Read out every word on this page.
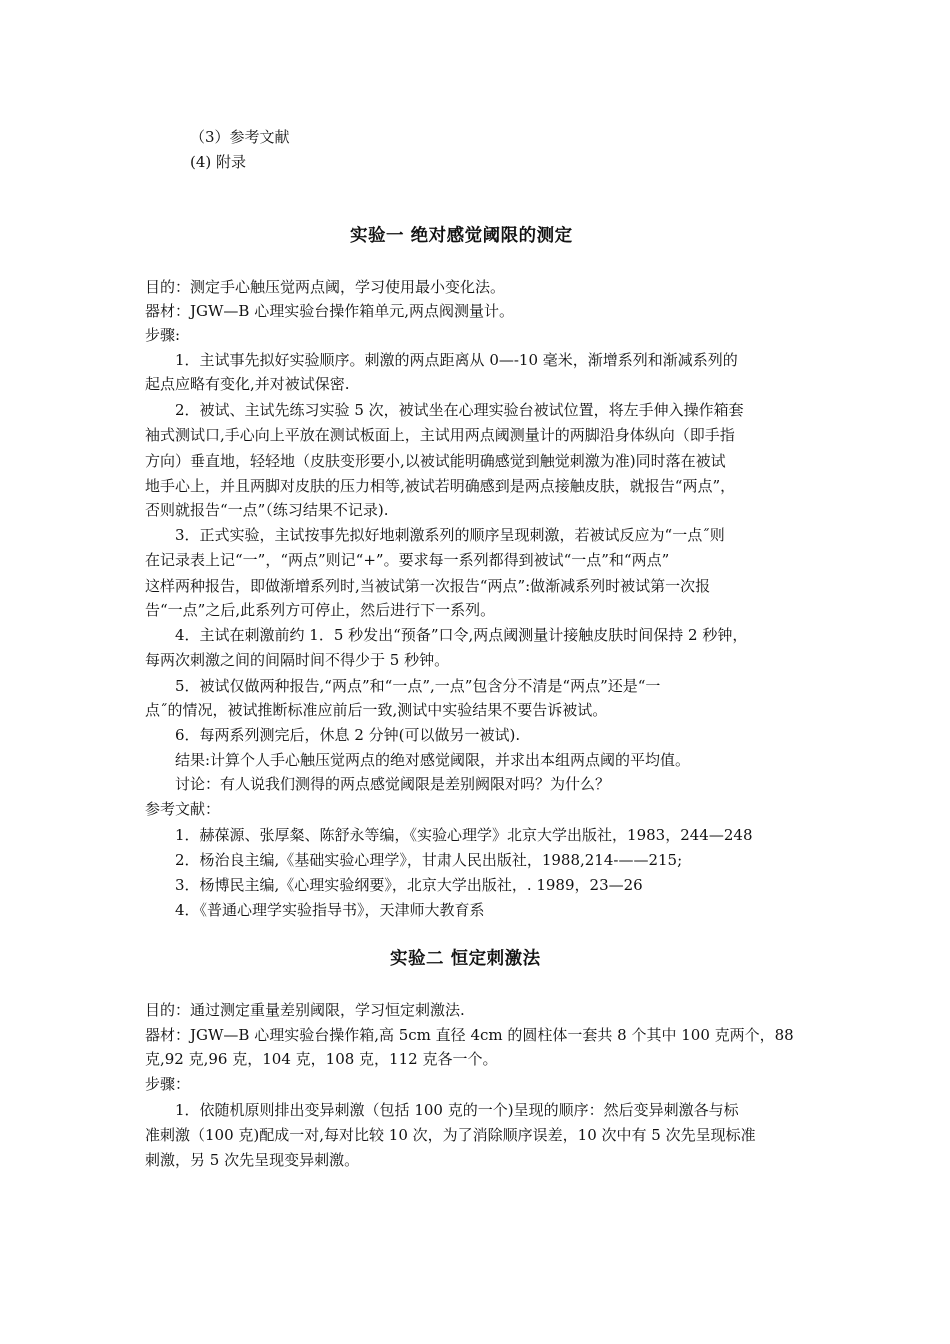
（3）参考文献

(4) 附录

实验一 绝对感觉阈限的测定

目的：测定手心触压觉两点阈，学习使用最小变化法。

器材：JGW—B 心理实验台操作箱单元,两点阀测量计。

步骤:

1．主试事先拟好实验顺序。刺激的两点距离从 0—-10 毫米，渐增系列和渐减系列的

起点应略有变化,并对被试保密.

2．被试、主试先练习实验 5 次，被试坐在心理实验台被试位置，将左手伸入操作箱套

袖式测试口,手心向上平放在测试板面上，主试用两点阈测量计的两脚沿身体纵向（即手指

方向）垂直地，轻轻地（皮肤变形要小,以被试能明确感觉到触觉刺激为准)同时落在被试

地手心上，并且两脚对皮肤的压力相等,被试若明确感到是两点接触皮肤，就报告“两点”，

否则就报告“一点”（练习结果不记录).

3．正式实验，主试按事先拟好地刺激系列的顺序呈现刺激，若被试反应为“一点˝则

在记录表上记“一”，“两点”则记“+”。要求每一系列都得到被试“一点”和“两点”

这样两种报告，即做渐增系列时,当被试第一次报告“两点”:做渐减系列时被试第一次报

告“一点”之后,此系列方可停止，然后进行下一系列。

4．主试在刺激前约 1．5 秒发出“预备”口令,两点阈测量计接触皮肤时间保持 2 秒钟，

每两次刺激之间的间隔时间不得少于 5 秒钟。

5．被试仅做两种报告,“两点”和“一点”,一点”包含分不清是“两点”还是“一

点˝的情况，被试推断标准应前后一致,测试中实验结果不要告诉被试。

6．每两系列测完后，休息 2 分钟(可以做另一被试).

结果:计算个人手心触压觉两点的绝对感觉阈限，并求出本组两点阈的平均值。

讨论：有人说我们测得的两点感觉阈限是差别阙限对吗？为什么？

参考文献：

1．赫葆源、张厚粲、陈舒永等编，《实验心理学》北京大学出版社，1983，244—248

2．杨治良主编,《基础实验心理学》，甘肃人民出版社，1988,214-——215;

3．杨博民主编,《心理实验纲要》，北京大学出版社，. 1989，23—26

4．《普通心理学实验指导书》，天津师大教育系

实验二 恒定刺激法

目的：通过测定重量差别阈限，学习恒定刺激法.

器材：JGW—B 心理实验台操作箱,高 5cm 直径 4cm 的圆柱体一套共 8 个其中 100 克两个，88

克,92 克,96 克，104 克，108 克，112 克各一个。

步骤：

1．依随机原则排出变异刺激（包括 100 克的一个)呈现的顺序：然后变异刺激各与标

准刺激（100 克)配成一对,每对比较 10 次，为了消除顺序误差，10 次中有 5 次先呈现标准

刺激，另 5 次先呈现变异刺激。
